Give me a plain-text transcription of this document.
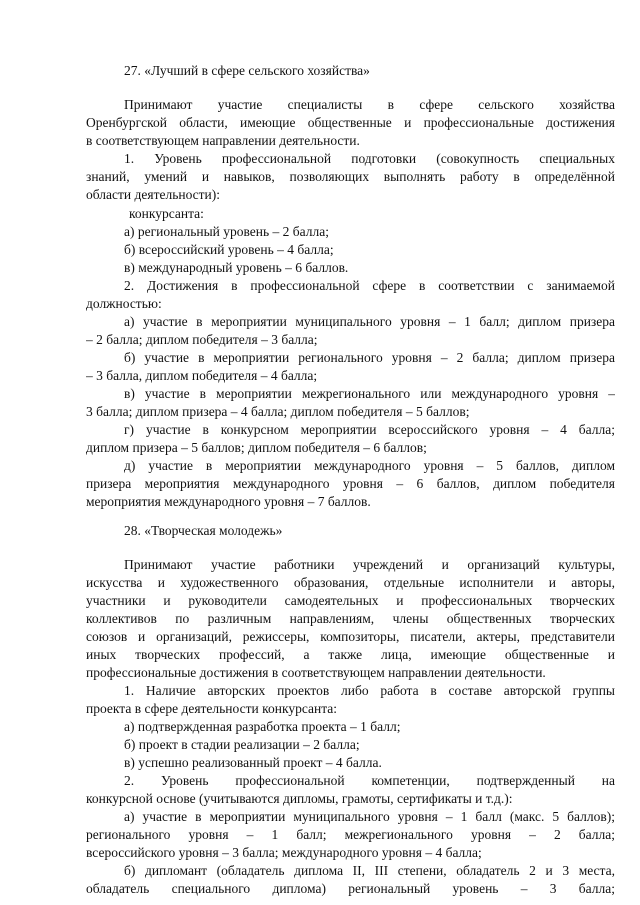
27. «Лучший в сфере сельского хозяйства»
Принимают участие специалисты в сфере сельского хозяйства
Оренбургской области, имеющие общественные и профессиональные достижения
в соответствующем направлении деятельности.
1. Уровень профессиональной подготовки (совокупность специальных
знаний, умений и навыков, позволяющих выполнять работу в определённой
области деятельности):
конкурсанта:
а) региональный уровень – 2 балла;
б) всероссийский уровень – 4 балла;
в) международный уровень – 6 баллов.
2. Достижения в профессиональной сфере в соответствии с занимаемой
должностью:
а) участие в мероприятии муниципального уровня – 1 балл; диплом призера
– 2 балла; диплом победителя – 3 балла;
б) участие в мероприятии регионального уровня – 2 балла; диплом призера
– 3 балла, диплом победителя – 4 балла;
в) участие в мероприятии межрегионального или международного уровня –
3 балла; диплом призера – 4 балла; диплом победителя – 5 баллов;
г) участие в конкурсном мероприятии всероссийского уровня – 4 балла;
диплом призера – 5 баллов; диплом победителя – 6 баллов;
д) участие в мероприятии международного уровня – 5 баллов, диплом
призера мероприятия международного уровня – 6 баллов, диплом победителя
мероприятия международного уровня – 7 баллов.
28. «Творческая молодежь»
Принимают участие работники учреждений и организаций культуры,
искусства и художественного образования, отдельные исполнители и авторы,
участники и руководители самодеятельных и профессиональных творческих
коллективов по различным направлениям, члены общественных творческих
союзов и организаций, режиссеры, композиторы, писатели, актеры, представители
иных творческих профессий, а также лица, имеющие общественные и
профессиональные достижения в соответствующем направлении деятельности.
1. Наличие авторских проектов либо работа в составе авторской группы
проекта в сфере деятельности конкурсанта:
а) подтвержденная разработка проекта – 1 балл;
б) проект в стадии реализации – 2 балла;
в) успешно реализованный проект – 4 балла.
2. Уровень профессиональной компетенции, подтвержденный на
конкурсной основе (учитываются дипломы, грамоты, сертификаты и т.д.):
а) участие в мероприятии муниципального уровня – 1 балл (макс. 5 баллов);
регионального уровня – 1 балл; межрегионального уровня – 2 балла;
всероссийского уровня – 3 балла; международного уровня – 4 балла;
б) дипломант (обладатель диплома II, III степени, обладатель 2 и 3 места,
обладатель специального диплома) региональный уровень – 3 балла;
